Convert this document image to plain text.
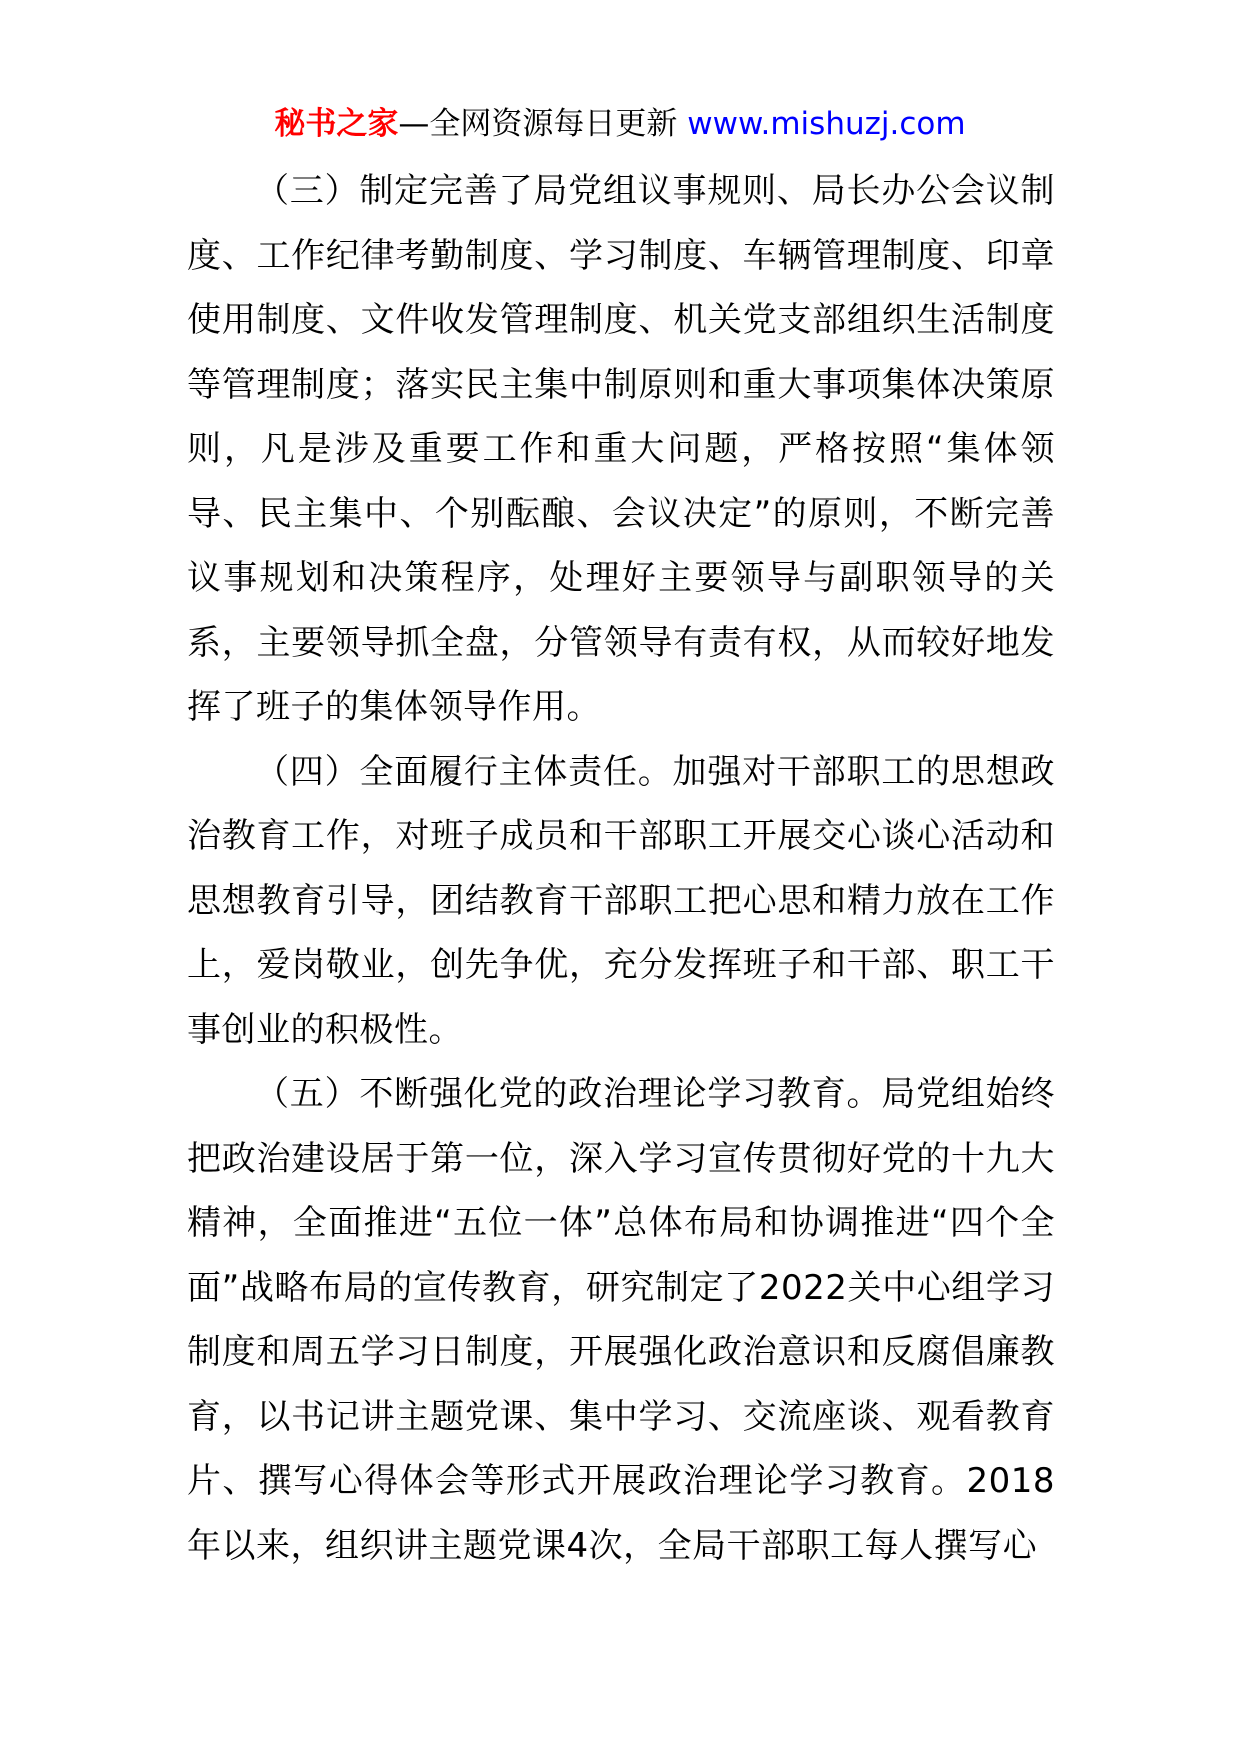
秘书之家—全网资源每日更新 www.mishuzj.com

（三）制定完善了局党组议事规则、局长办公会议制度、工作纪律考勤制度、学习制度、车辆管理制度、印章使用制度、文件收发管理制度、机关党支部组织生活制度等管理制度；落实民主集中制原则和重大事项集体决策原则，凡是涉及重要工作和重大问题，严格按照“集体领导、民主集中、个别酝酿、会议决定”的原则，不断完善议事规划和决策程序，处理好主要领导与副职领导的关系，主要领导抓全盘，分管领导有责有权，从而较好地发挥了班子的集体领导作用。

（四）全面履行主体责任。加强对干部职工的思想政治教育工作，对班子成员和干部职工开展交心谈心活动和思想教育引导，团结教育干部职工把心思和精力放在工作上，爱岗敬业，创先争优，充分发挥班子和干部、职工干事创业的积极性。

（五）不断强化党的政治理论学习教育。局党组始终把政治建设居于第一位，深入学习宣传贯彻好党的十九大精神，全面推进“五位一体”总体布局和协调推进“四个全面”战略布局的宣传教育，研究制定了2022关中心组学习制度和周五学习日制度，开展强化政治意识和反腐倡廉教育，以书记讲主题党课、集中学习、交流座谈、观看教育片、撰写心得体会等形式开展政治理论学习教育。2018年以来，组织讲主题党课4次，全局干部职工每人撰写心
